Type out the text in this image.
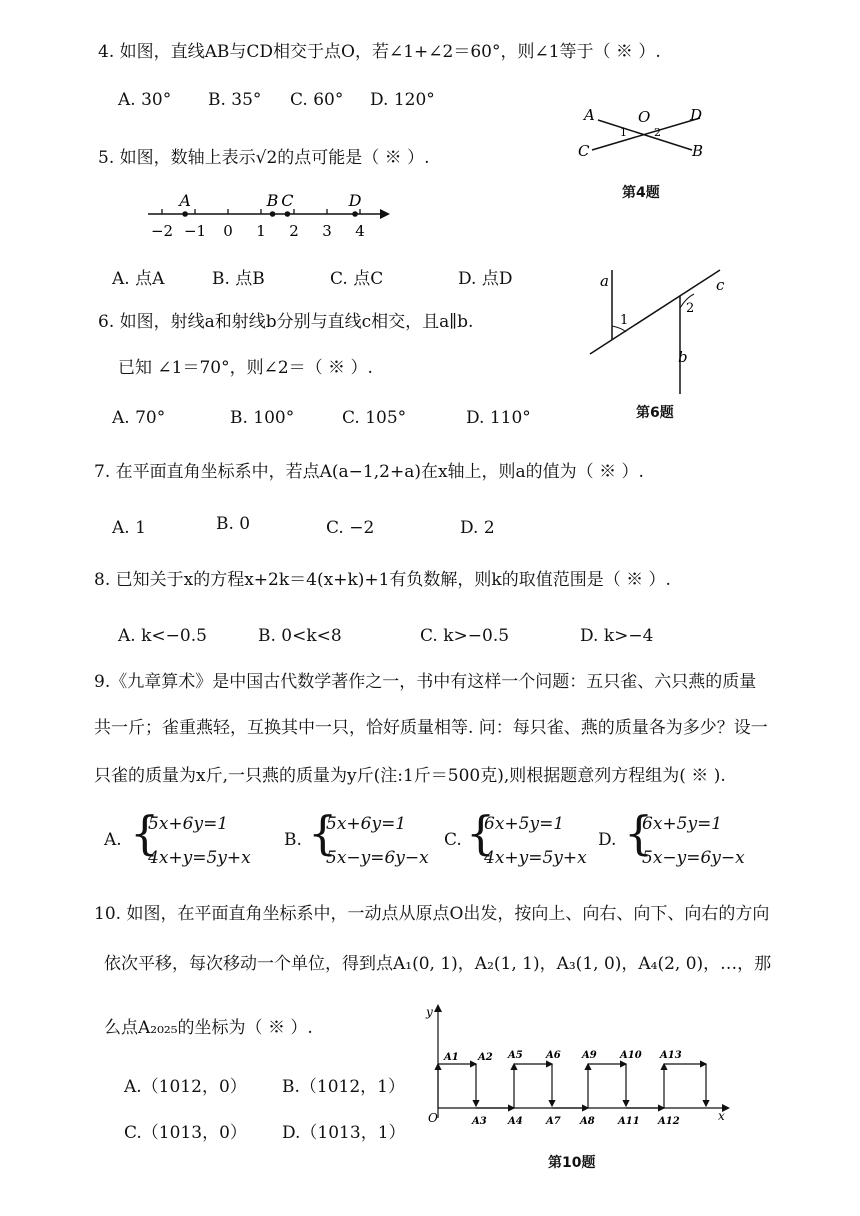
4. 如图，直线AB与CD相交于点O，若∠1+∠2＝60°，则∠1等于（ ※ ）.
A. 30° B. 35° C. 60° D. 120°
A	O	D
C	B
1 2
第4题
5. 如图，数轴上表示√2的点可能是（ ※ ）.
−2 −1 0 1 2 3 4
A	B C	D
A. 点A	B. 点B	C. 点C	D. 点D
6. 如图，射线a和射线b分别与直线c相交，且a∥b.
已知 ∠1＝70°，则∠2＝（ ※ ）.
A. 70°	B. 100°	C. 105°	D. 110°
a	c
1
2
b
第6题
7. 在平面直角坐标系中，若点A(a−1,2+a)在x轴上，则a的值为（ ※ ）.
A. 1	B. 0	C. −2	D. 2
8. 已知关于x的方程x+2k＝4(x+k)+1有负数解，则k的取值范围是（ ※ ）.
A. k<−0.5	B. 0<k<8	C. k>−0.5	D. k>−4
9.《九章算术》是中国古代数学著作之一，书中有这样一个问题：五只雀、六只燕的质量
共一斤；雀重燕轻，互换其中一只，恰好质量相等. 问：每只雀、燕的质量各为多少？设一
只雀的质量为x斤,一只燕的质量为y斤(注:1斤＝500克),则根据题意列方程组为( ※ ).
A. {
5x+6y=1
4x+y=5y+x
B. {
5x+6y=1
5x−y=6y−x
C. {
6x+5y=1
4x+y=5y+x
D. {
6x+5y=1
5x−y=6y−x
10. 如图，在平面直角坐标系中，一动点从原点O出发，按向上、向右、向下、向右的方向
依次平移，每次移动一个单位，得到点A₁(0, 1)，A₂(1, 1)，A₃(1, 0)，A₄(2, 0)，…，那
么点A₂₀₂₅的坐标为（ ※ ）.
A.（1012，0） B.（1012，1）
C.（1013，0） D.（1013，1）
y
x
O
A1 A2 A5 A6 A9 A10 A13
A3 A4 A7 A8 A11 A12
第10题
